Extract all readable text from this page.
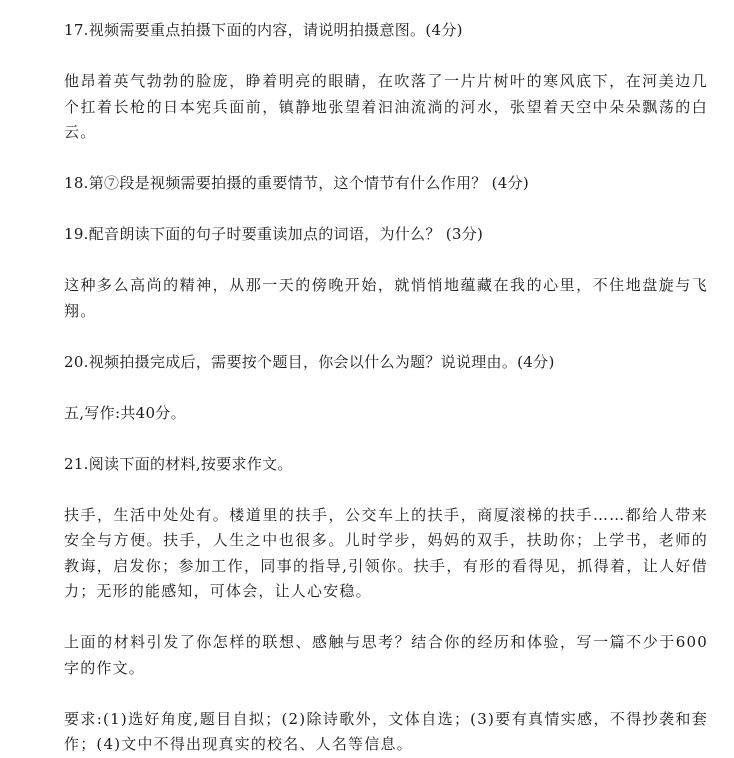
17.视频需要重点拍摄下面的内容，请说明拍摄意图。(4分)
他昂着英气勃勃的脸庞，睁着明亮的眼睛，在吹落了一片片树叶的寒风底下，在河美边几个扛着长枪的日本宪兵面前，镇静地张望着汩油流淌的河水，张望着天空中朵朵飘荡的白云。
18.第⑦段是视频需要拍摄的重要情节，这个情节有什么作用？ (4分)
19.配音朗读下面的句子时要重读加点的词语，为什么？ (3分)
这种多么高尚的精神，从那一天的傍晚开始，就悄悄地蕴藏在我的心里，不住地盘旋与飞翔。
20.视频拍摄完成后，需要按个题目，你会以什么为题？说说理由。(4分)
五,写作:共40分。
21.阅读下面的材料,按要求作文。
扶手，生活中处处有。楼道里的扶手，公交车上的扶手，商厦滚梯的扶手……都给人带来安全与方便。扶手，人生之中也很多。儿时学步，妈妈的双手，扶助你；上学书，老师的教诲，启发你；参加工作，同事的指导,引领你。扶手，有形的看得见，抓得着，让人好借力；无形的能感知，可体会，让人心安稳。
上面的材料引发了你怎样的联想、感触与思考？结合你的经历和体验，写一篇不少于600字的作文。
要求:(1)选好角度,题目自拟；(2)除诗歌外，文体自选；(3)要有真情实感，不得抄袭和套作；(4)文中不得出现真实的校名、人名等信息。
